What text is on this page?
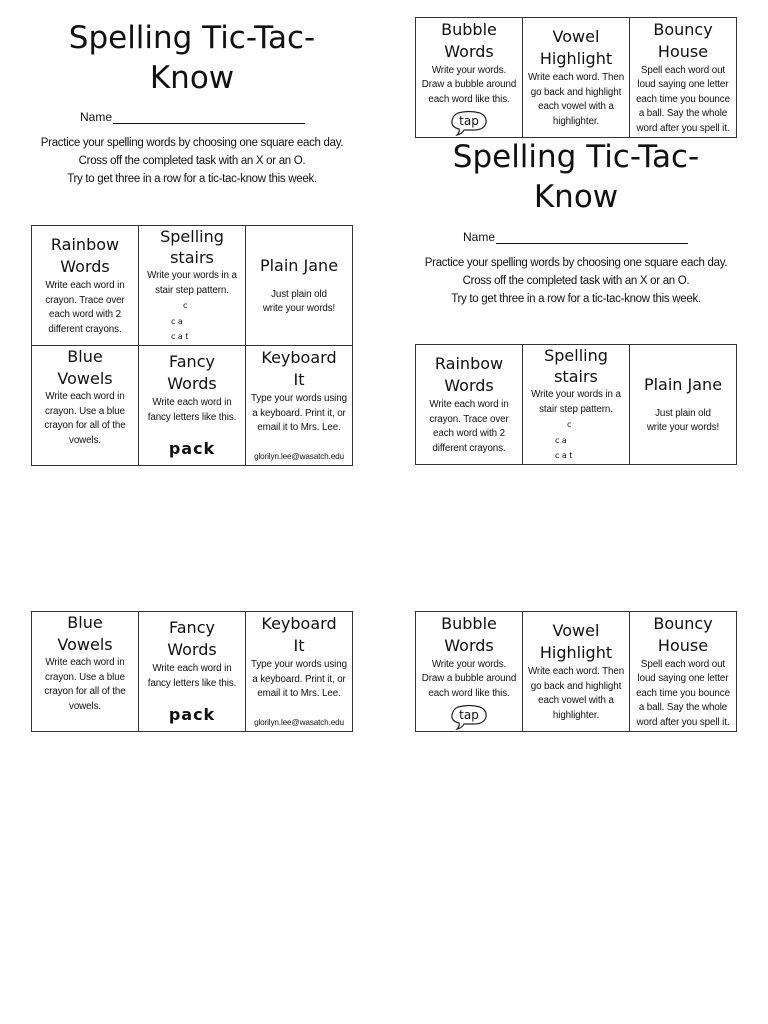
Spelling Tic-Tac-Know
Name
Practice your spelling words by choosing one square each day.
Cross off the completed task with an X or an O.
Try to get three in a row for a tic-tac-know this week.
Rainbow Words
Write each word in
crayon. Trace over
each word with 2
different crayons.
Spelling stairs
Write your words in a
stair step pattern.
c
ca
cat
Plain Jane
Just plain old
write your words!
Blue Vowels
Write each word in
crayon. Use a blue
crayon for all of the
vowels.
Fancy Words
Write each word in
fancy letters like this.
pack
Keyboard It
Type your words using
a keyboard. Print it, or
email it to Mrs. Lee.
glorilyn.lee@wasatch.edu
Blue Vowels
Write each word in
crayon. Use a blue
crayon for all of the
vowels.
Fancy Words
Write each word in
fancy letters like this.
pack
Keyboard It
Type your words using
a keyboard. Print it, or
email it to Mrs. Lee.
glorilyn.lee@wasatch.edu
Bubble Words
Write your words.
Draw a bubble around
each word like this.
tap
Vowel Highlight
Write each word. Then
go back and highlight
each vowel with a
highlighter.
Bouncy House
Spell each word out
loud saying one letter
each time you bounce
a ball. Say the whole
word after you spell it.
Spelling Tic-Tac-Know
Name
Practice your spelling words by choosing one square each day.
Cross off the completed task with an X or an O.
Try to get three in a row for a tic-tac-know this week.
Rainbow Words
Write each word in
crayon. Trace over
each word with 2
different crayons.
Spelling stairs
Write your words in a
stair step pattern.
c
ca
cat
Plain Jane
Just plain old
write your words!
Bubble Words
Write your words.
Draw a bubble around
each word like this.
tap
Vowel Highlight
Write each word. Then
go back and highlight
each vowel with a
highlighter.
Bouncy House
Spell each word out
loud saying one letter
each time you bounce
a ball. Say the whole
word after you spell it.
